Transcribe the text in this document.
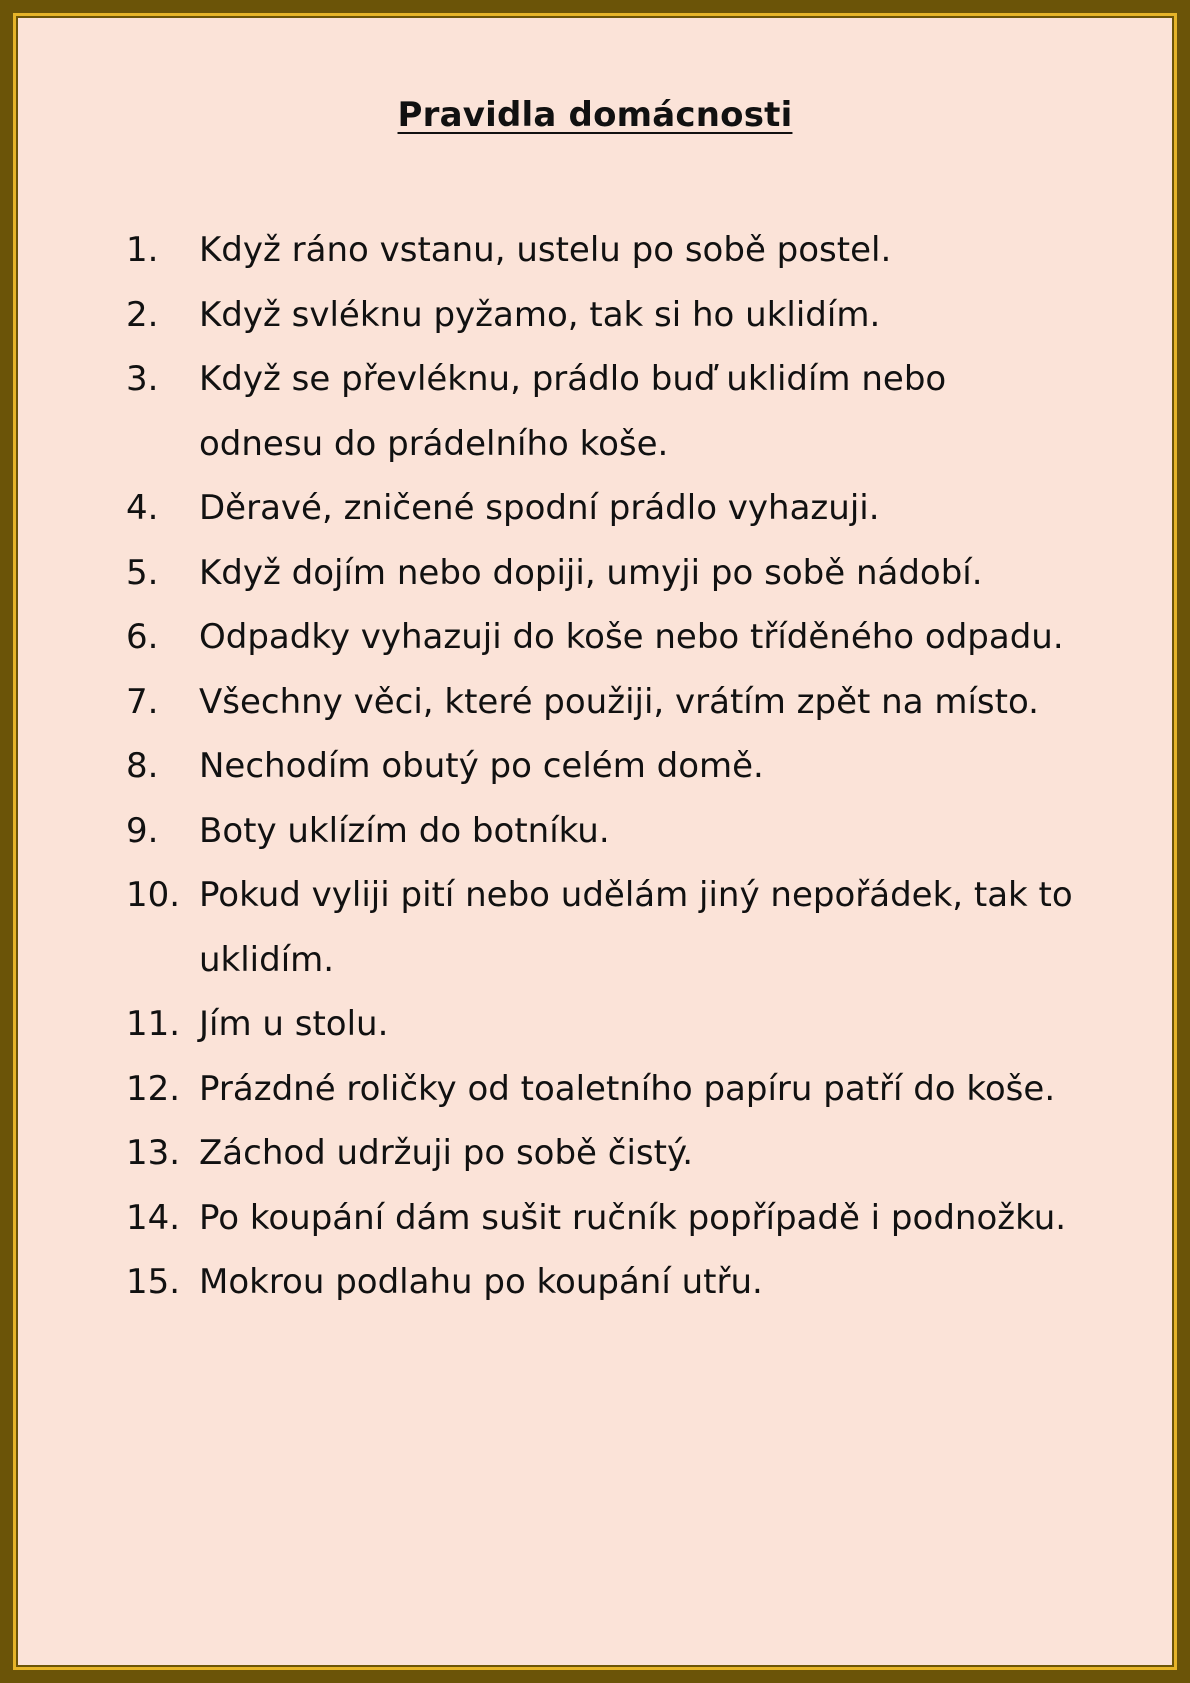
Pravidla domácnosti
1.	Když ráno vstanu, ustelu po sobě postel.
2.	Když svléknu pyžamo, tak si ho uklidím.
3.	Když se převléknu, prádlo buď uklidím nebo odnesu do prádelního koše.
4.	Děravé, zničené spodní prádlo vyhazuji.
5.	Když dojím nebo dopiji, umyji po sobě nádobí.
6.	Odpadky vyhazuji do koše nebo tříděného odpadu.
7.	Všechny věci, které použiji, vrátím zpět na místo.
8.	Nechodím obutý po celém domě.
9.	Boty uklízím do botníku.
10. Pokud vyliji pití nebo udělám jiný nepořádek, tak to uklidím.
11. Jím u stolu.
12. Prázdné roličky od toaletního papíru patří do koše.
13. Záchod udržuji po sobě čistý.
14. Po koupání dám sušit ručník popřípadě i podnožku.
15. Mokrou podlahu po koupání utřu.
